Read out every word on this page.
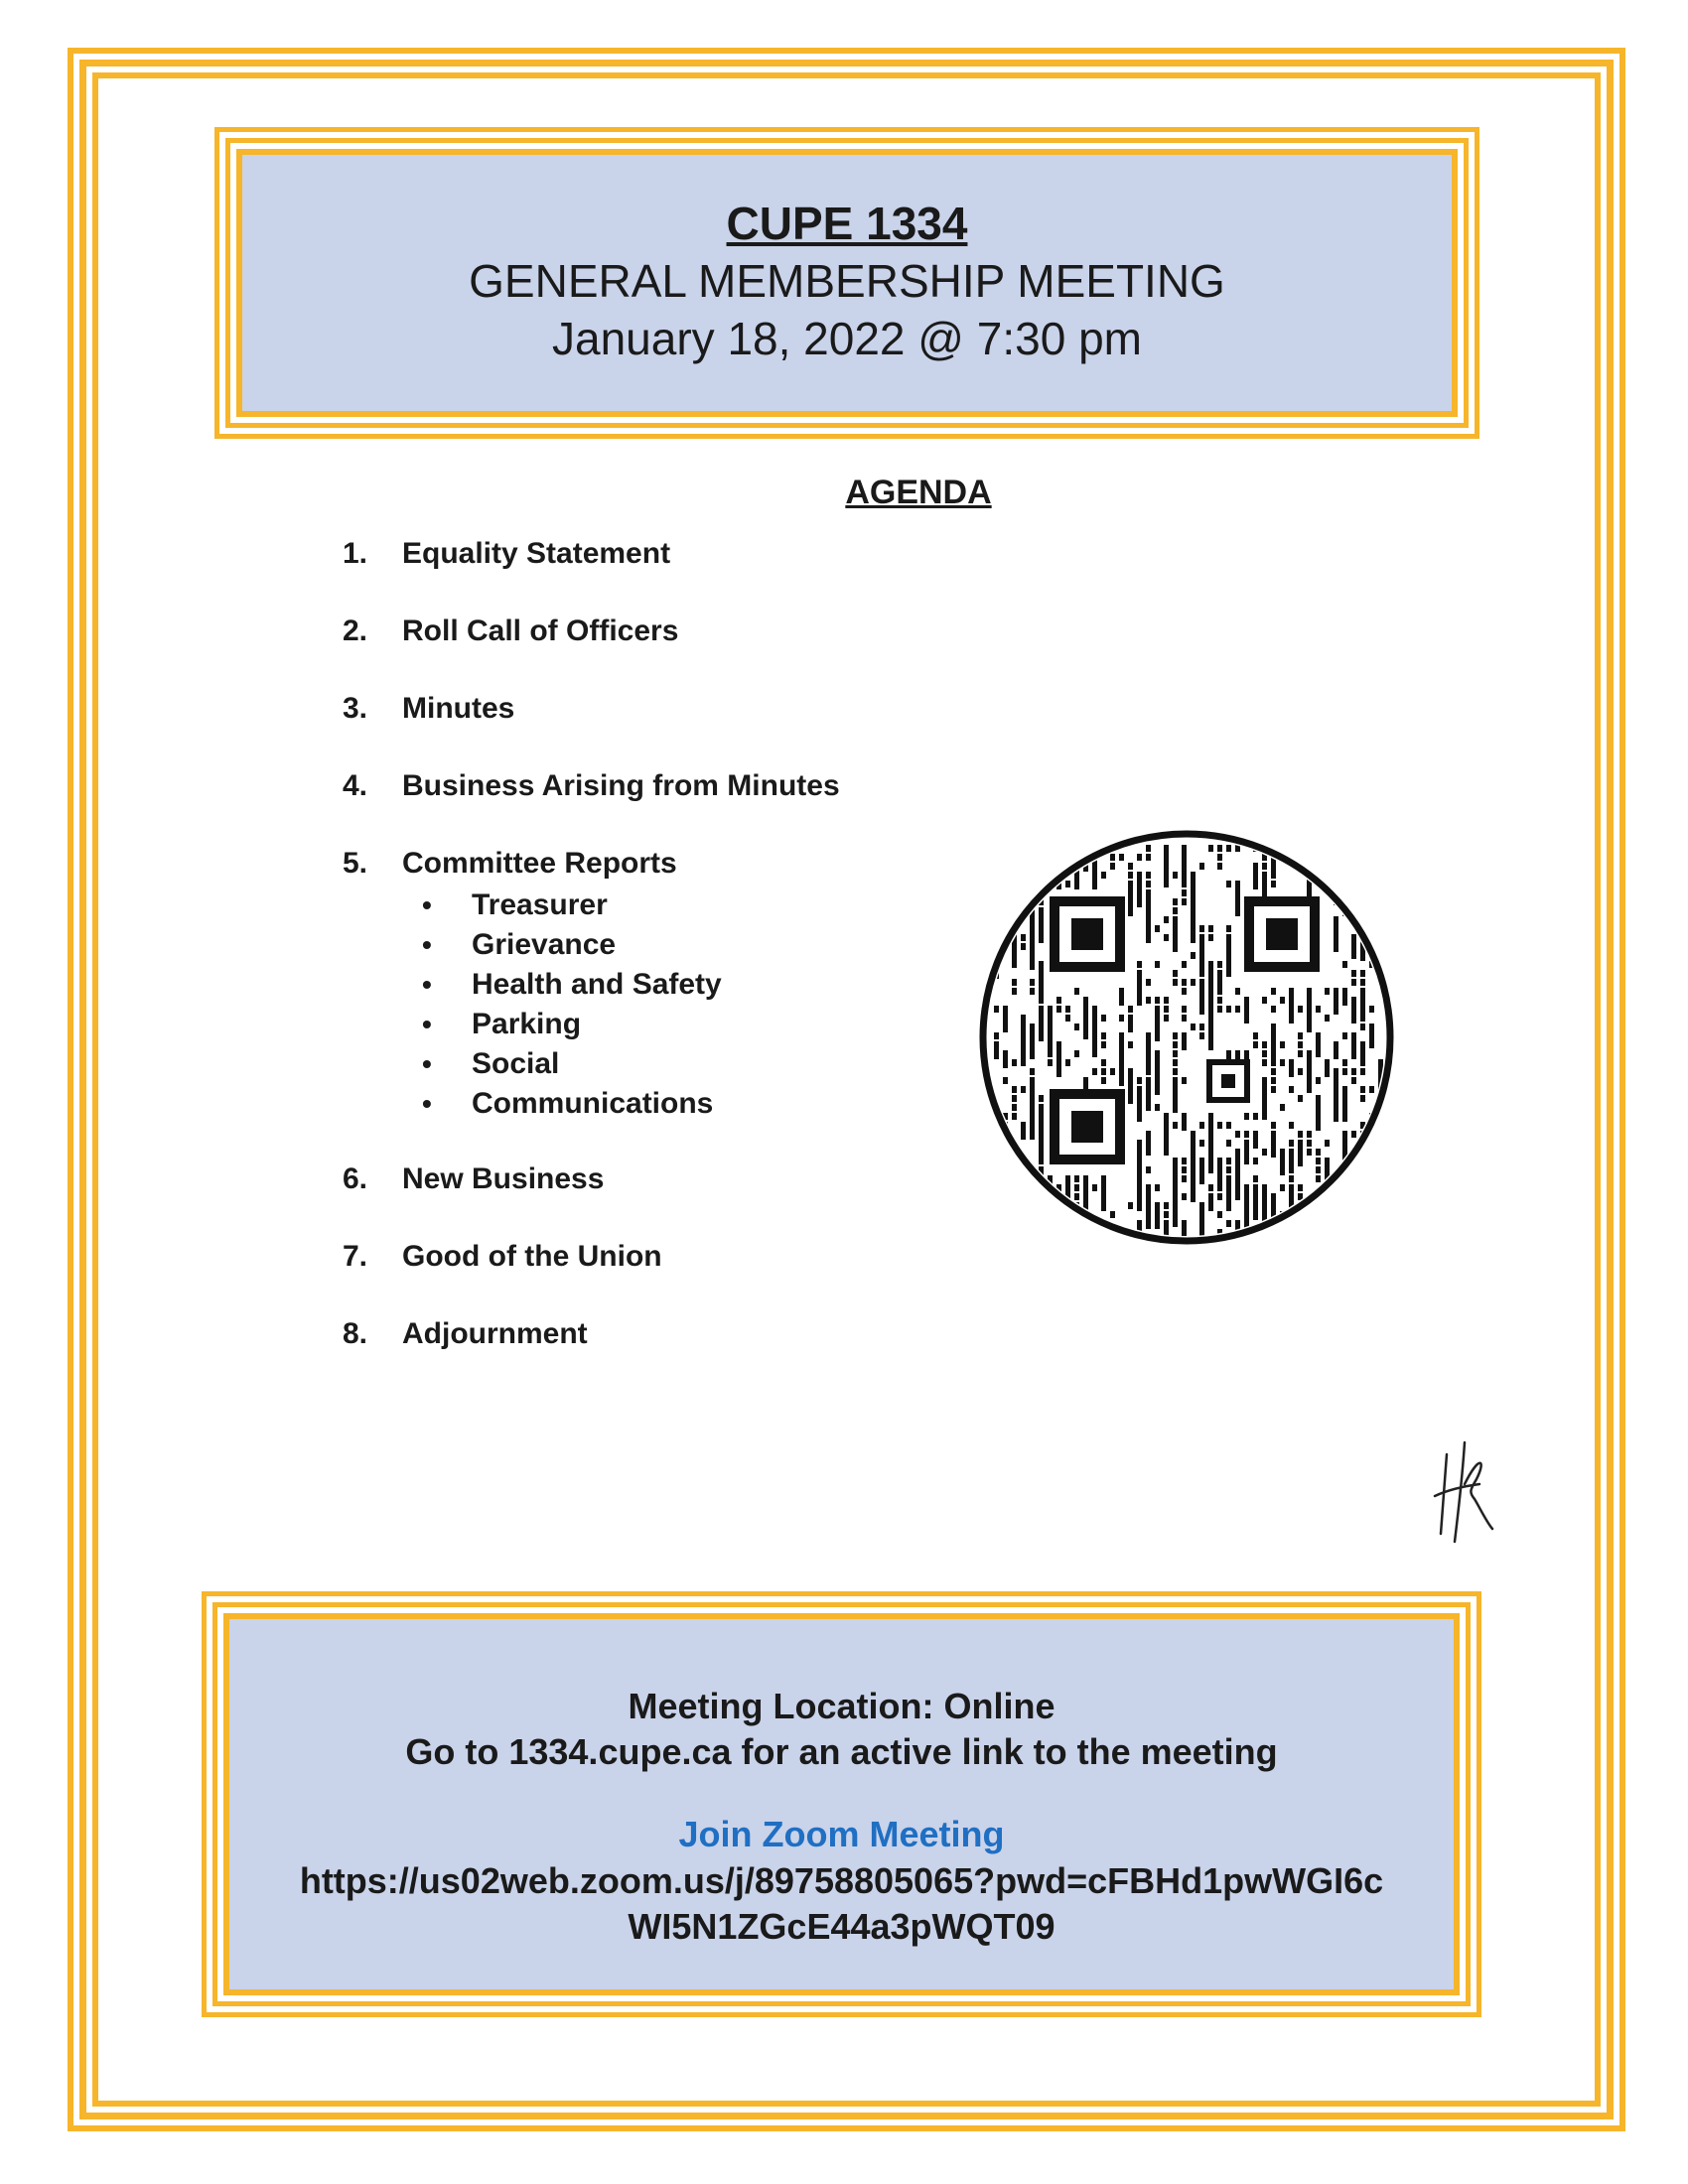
CUPE 1334
GENERAL MEMBERSHIP MEETING
January 18, 2022 @ 7:30 pm
AGENDA
1. Equality Statement
2. Roll Call of Officers
3. Minutes
4. Business Arising from Minutes
5. Committee Reports
• Treasurer
• Grievance
• Health and Safety
• Parking
• Social
• Communications
6. New Business
7. Good of the Union
8. Adjournment
Meeting Location: Online
Go to 1334.cupe.ca for an active link to the meeting
Join Zoom Meeting
https://us02web.zoom.us/j/89758805065?pwd=cFBHd1pwWGI6c
WI5N1ZGcE44a3pWQT09
